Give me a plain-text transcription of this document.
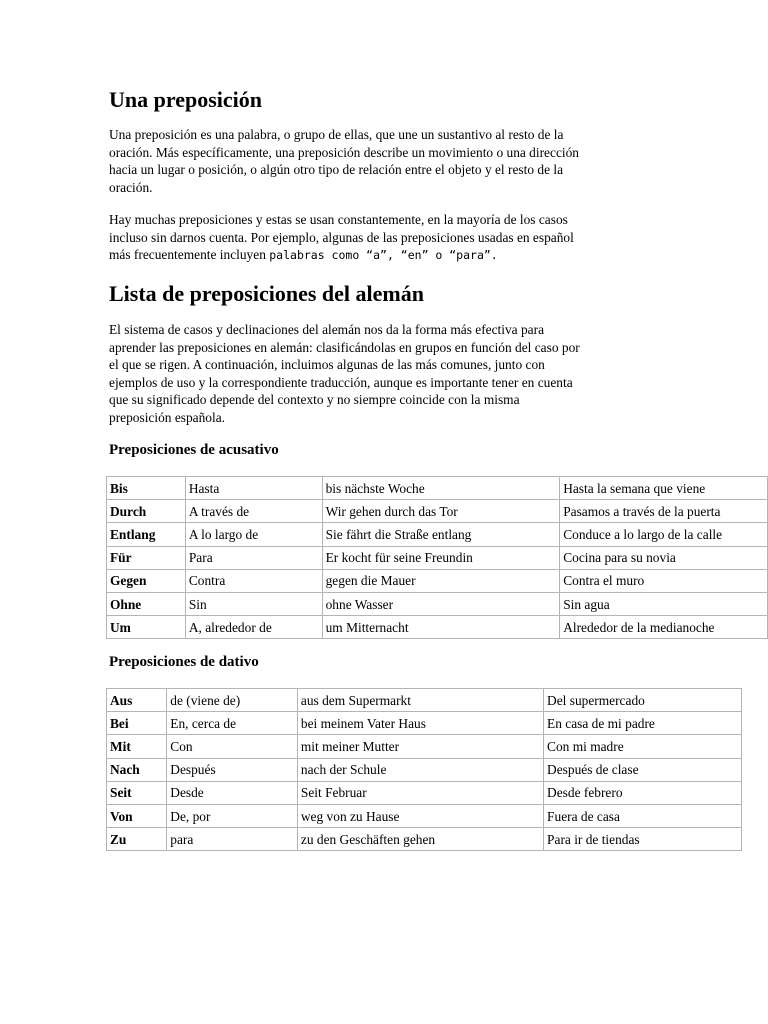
Una preposición

Una preposición es una palabra, o grupo de ellas, que une un sustantivo al resto de la
oración. Más específicamente, una preposición describe un movimiento o una dirección
hacia un lugar o posición, o algún otro tipo de relación entre el objeto y el resto de la
oración.

Hay muchas preposiciones y estas se usan constantemente, en la mayoría de los casos
incluso sin darnos cuenta. Por ejemplo, algunas de las preposiciones usadas en español
más frecuentemente incluyen palabras como “a”, “en” o “para”.

Lista de preposiciones del alemán

El sistema de casos y declinaciones del alemán nos da la forma más efectiva para
aprender las preposiciones en alemán: clasificándolas en grupos en función del caso por
el que se rigen. A continuación, incluimos algunas de las más comunes, junto con
ejemplos de uso y la correspondiente traducción, aunque es importante tener en cuenta
que su significado depende del contexto y no siempre coincide con la misma
preposición española.

Preposiciones de acusativo
Bis	Hasta	bis nächste Woche	Hasta la semana que viene
Durch	A través de	Wir gehen durch das Tor	Pasamos a través de la puerta
Entlang	A lo largo de	Sie fährt die Straße entlang	Conduce a lo largo de la calle
Für	Para	Er kocht für seine Freundin	Cocina para su novia
Gegen	Contra	gegen die Mauer	Contra el muro
Ohne	Sin	ohne Wasser	Sin agua
Um	A, alrededor de	um Mitternacht	Alrededor de la medianoche
Preposiciones de dativo
Aus	de (viene de)	aus dem Supermarkt	Del supermercado
Bei	En, cerca de	bei meinem Vater Haus	En casa de mi padre
Mit	Con	mit meiner Mutter	Con mi madre
Nach	Después	nach der Schule	Después de clase
Seit	Desde	Seit Februar	Desde febrero
Von	De, por	weg von zu Hause	Fuera de casa
Zu	para	zu den Geschäften gehen	Para ir de tiendas
